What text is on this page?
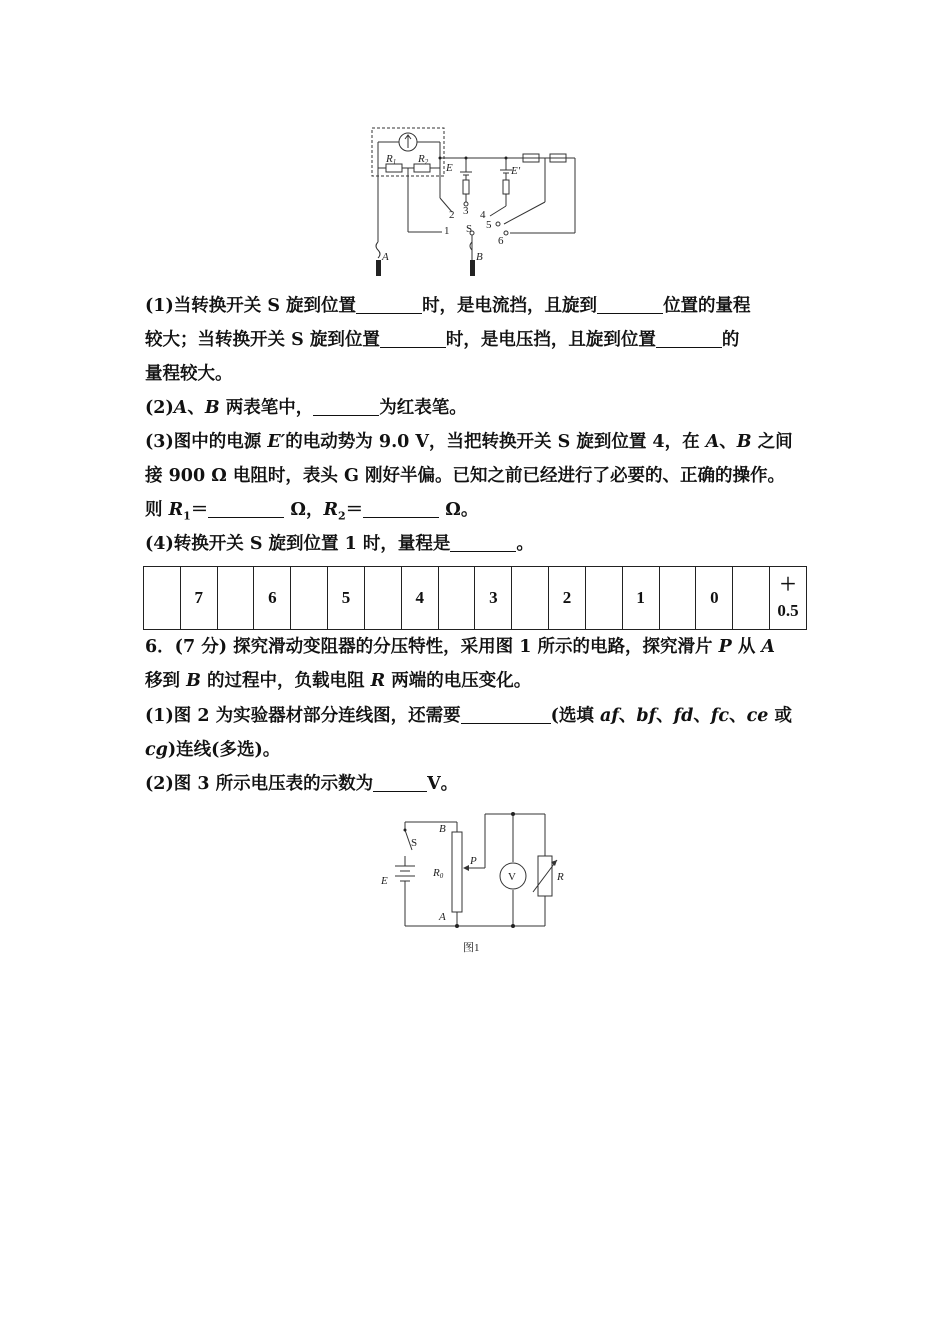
R1 R2 E	E'
2
1
3 4
5
6
S
A	B
(1)当转换开关 S 旋到位置	时，是电流挡，且旋到	位置的量程
较大；当转换开关 S 旋到位置	时，是电压挡，且旋到位置	的
量程较大。
(2)A、B 两表笔中，	为红表笔。
(3)图中的电源 E′的电动势为 9.0 V，当把转换开关 S 旋到位置 4，在 A、B 之间
接 900 Ω 电阻时，表头 G 刚好半偏。已知之前已经进行了必要的、正确的操作。
则 $R_1=$	Ω，$R_2=$	Ω。
(4)转换开关 S 旋到位置 1 时，量程是	。
	7		6		5		4		3		2		1		0		
＋
0.5
6．(7 分) 探究滑动变阻器的分压特性，采用图 1 所示的电路，探究滑片 P 从 A
移到 B 的过程中，负载电阻 R 两端的电压变化。
(1)图 2 为实验器材部分连线图，还需要	(选填 af、bf、fd、fc、ce 或
cg)连线(多选)。
(2)图 3 所示电压表的示数为	V。
S
E
B
R0
P
V	R
A
图1
